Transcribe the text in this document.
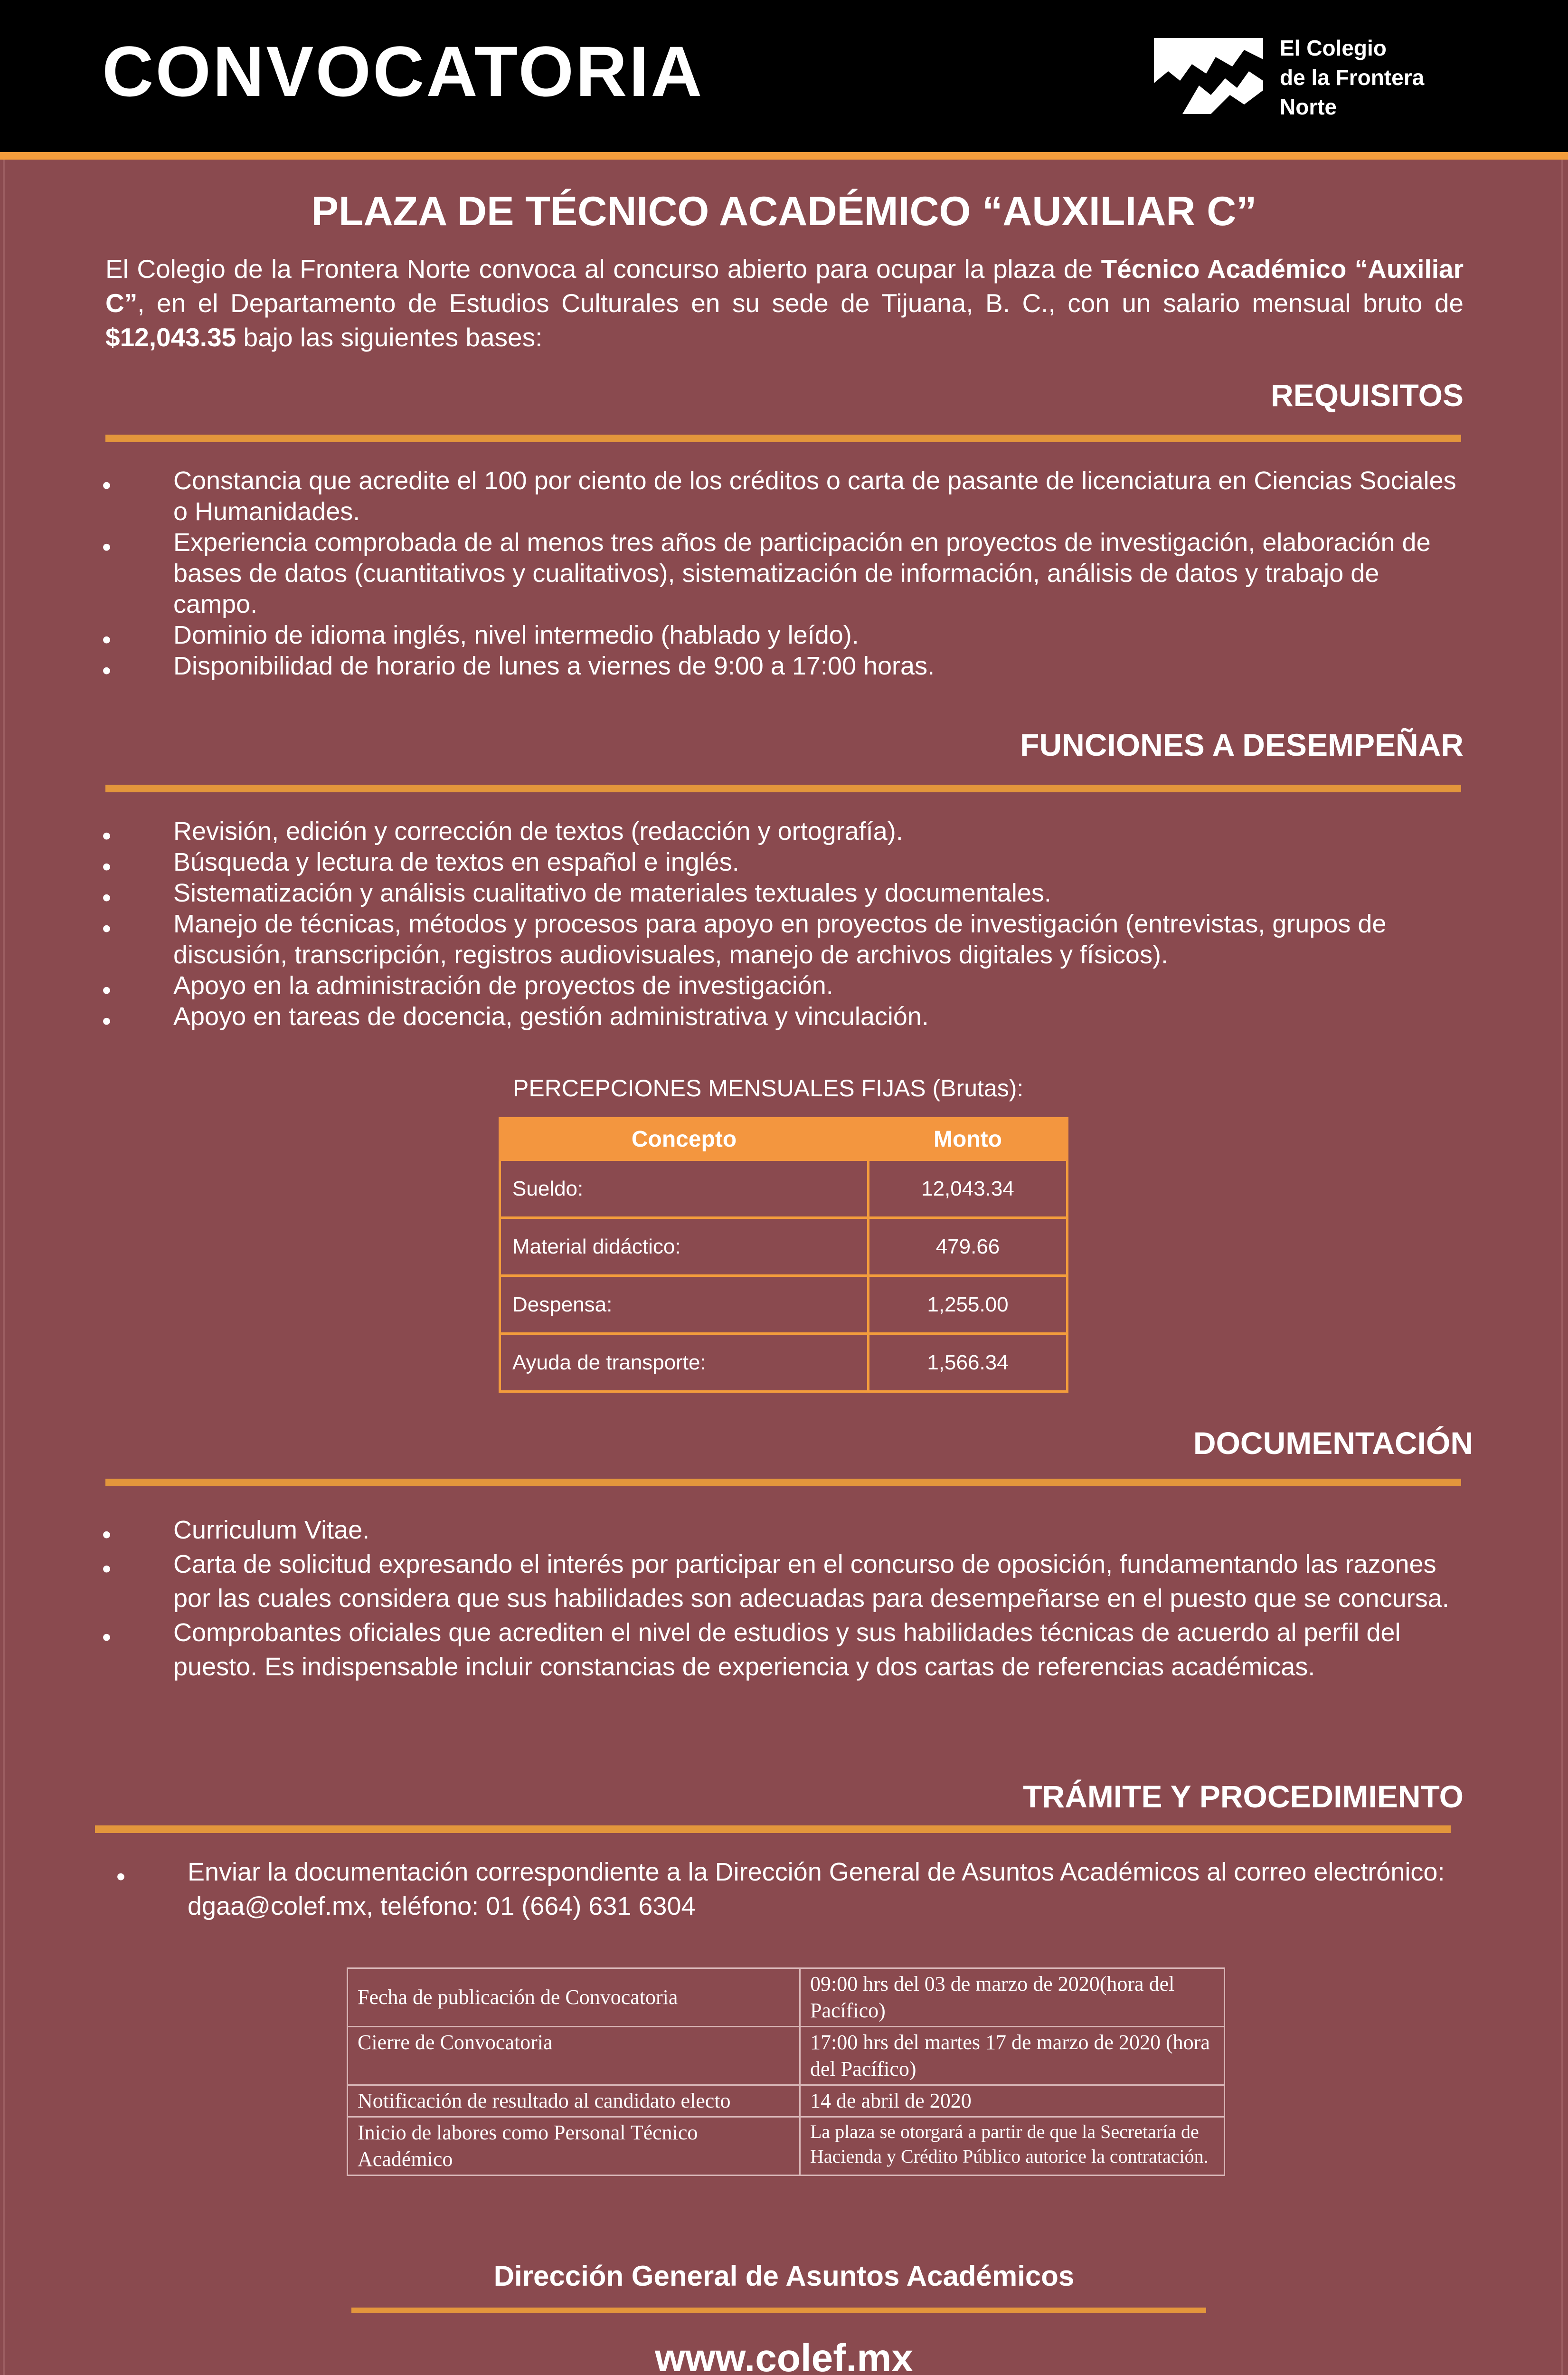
CONVOCATORIA	El Colegio
de la Frontera
Norte
PLAZA DE TÉCNICO ACADÉMICO “AUXILIAR C”
El Colegio de la Frontera Norte convoca al concurso abierto para ocupar la plaza de Técnico Académico “Auxiliar C”, en el Departamento de Estudios Culturales en su sede de Tijuana, B. C., con un salario mensual bruto de $12,043.35 bajo las siguientes bases:
REQUISITOS
• Constancia que acredite el 100 por ciento de los créditos o carta de pasante de licenciatura en Ciencias Sociales o Humanidades.
• Experiencia comprobada de al menos tres años de participación en proyectos de investigación, elaboración de bases de datos (cuantitativos y cualitativos), sistematización de información, análisis de datos y trabajo de campo.
• Dominio de idioma inglés, nivel intermedio (hablado y leído).
• Disponibilidad de horario de lunes a viernes de 9:00 a 17:00 horas.
FUNCIONES A DESEMPEÑAR
• Revisión, edición y corrección de textos (redacción y ortografía).
• Búsqueda y lectura de textos en español e inglés.
• Sistematización y análisis cualitativo de materiales textuales y documentales.
• Manejo de técnicas, métodos y procesos para apoyo en proyectos de investigación (entrevistas, grupos de discusión, transcripción, registros audiovisuales, manejo de archivos digitales y físicos).
• Apoyo en la administración de proyectos de investigación.
• Apoyo en tareas de docencia, gestión administrativa y vinculación.
PERCEPCIONES MENSUALES FIJAS (Brutas):
Concepto	Monto
Sueldo:	12,043.34
Material didáctico:	479.66
Despensa:	1,255.00
Ayuda de transporte:	1,566.34
DOCUMENTACIÓN
• Curriculum Vitae.
• Carta de solicitud expresando el interés por participar en el concurso de oposición, fundamentando las razones por las cuales considera que sus habilidades son adecuadas para desempeñarse en el puesto que se concursa.
• Comprobantes oficiales que acrediten el nivel de estudios y sus habilidades técnicas de acuerdo al perfil del puesto. Es indispensable incluir constancias de experiencia y dos cartas de referencias académicas.
TRÁMITE Y PROCEDIMIENTO
• Enviar la documentación correspondiente a la Dirección General de Asuntos Académicos al correo electrónico: dgaa@colef.mx, teléfono: 01 (664) 631 6304
Fecha de publicación de Convocatoria	09:00 hrs del 03 de marzo de 2020(hora del Pacífico)
Cierre de Convocatoria	17:00 hrs del martes 17 de marzo de 2020 (hora del Pacífico)
Notificación de resultado al candidato electo	14 de abril de 2020
Inicio de labores como Personal Técnico Académico	La plaza se otorgará a partir de que la Secretaría de Hacienda y Crédito Público autorice la contratación.
Dirección General de Asuntos Académicos
www.colef.mx
